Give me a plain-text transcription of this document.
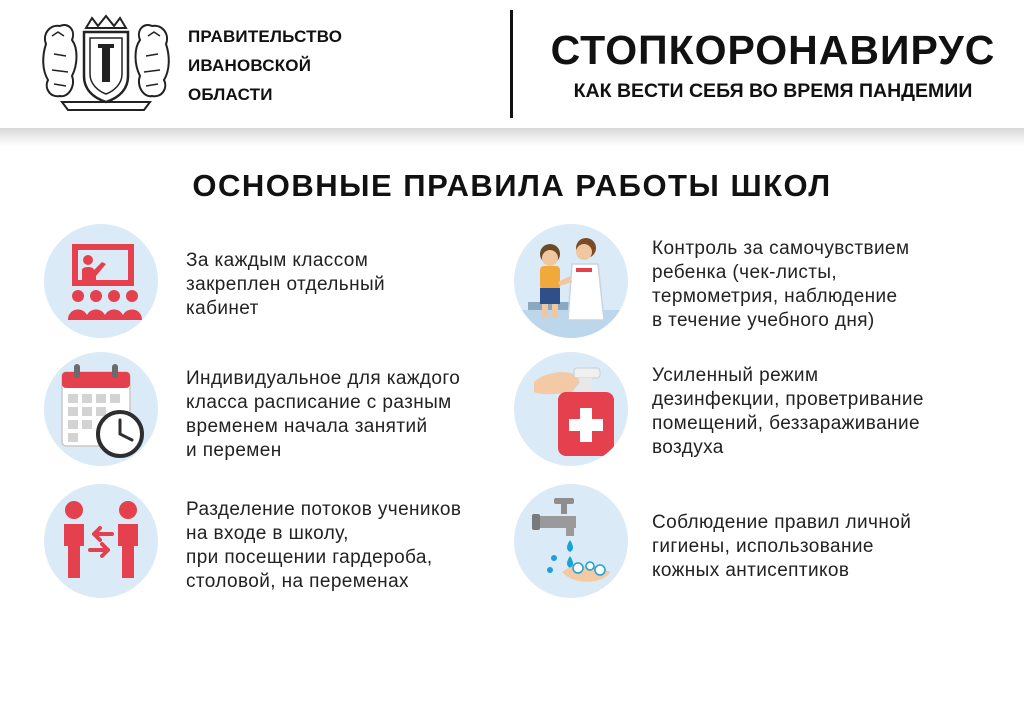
ПРАВИТЕЛЬСТВО
ИВАНОВСКОЙ
ОБЛАСТИ
СТОПКОРОНАВИРУС
КАК ВЕСТИ СЕБЯ ВО ВРЕМЯ ПАНДЕМИИ
ОСНОВНЫЕ ПРАВИЛА РАБОТЫ ШКОЛ
За каждым классом
закреплен отдельный
кабинет
Контроль за самочувствием
ребенка (чек-листы,
термометрия, наблюдение
в течение учебного дня)
Индивидуальное для каждого
класса расписание с разным
временем начала занятий
и перемен
Усиленный режим
дезинфекции, проветривание
помещений, беззараживание
воздуха
Разделение потоков учеников
на входе в школу,
при посещении гардероба,
столовой, на переменах
Соблюдение правил личной
гигиены, использование
кожных антисептиков
